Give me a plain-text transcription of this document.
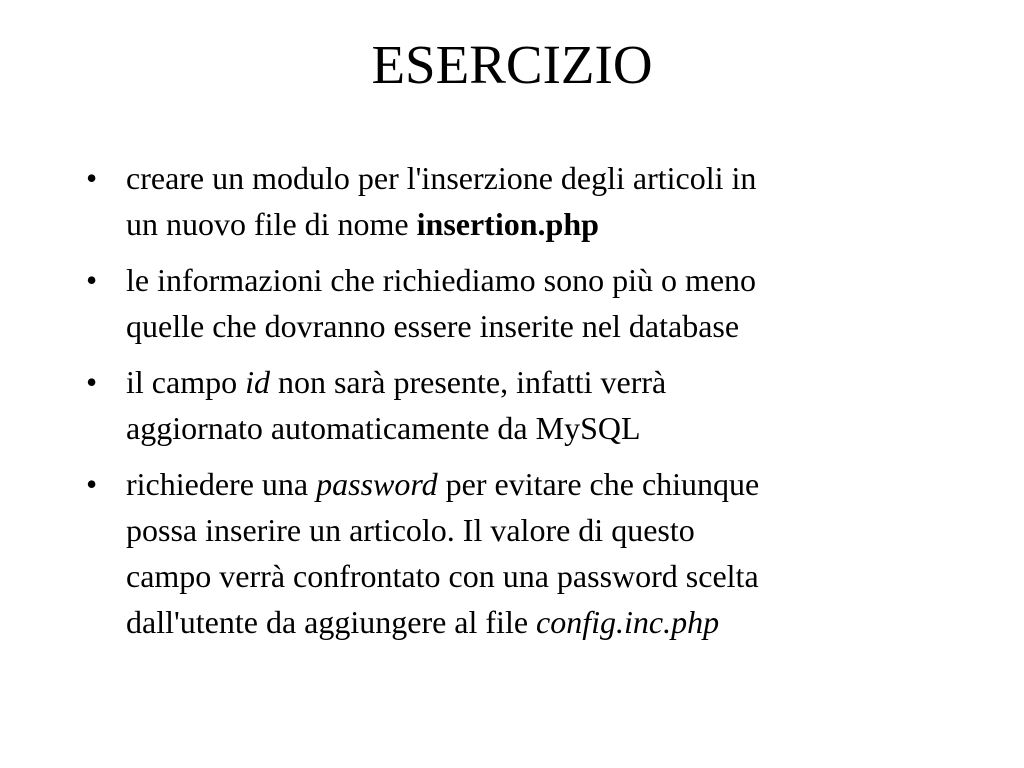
ESERCIZIO
• creare un modulo per l'inserzione degli articoli in
un nuovo file di nome insertion.php
• le informazioni che richiediamo sono più o meno
quelle che dovranno essere inserite nel database
• il campo id non sarà presente, infatti verrà
aggiornato automaticamente da MySQL
• richiedere una password per evitare che chiunque
possa inserire un articolo. Il valore di questo
campo verrà confrontato con una password scelta
dall'utente da aggiungere al file config.inc.php
